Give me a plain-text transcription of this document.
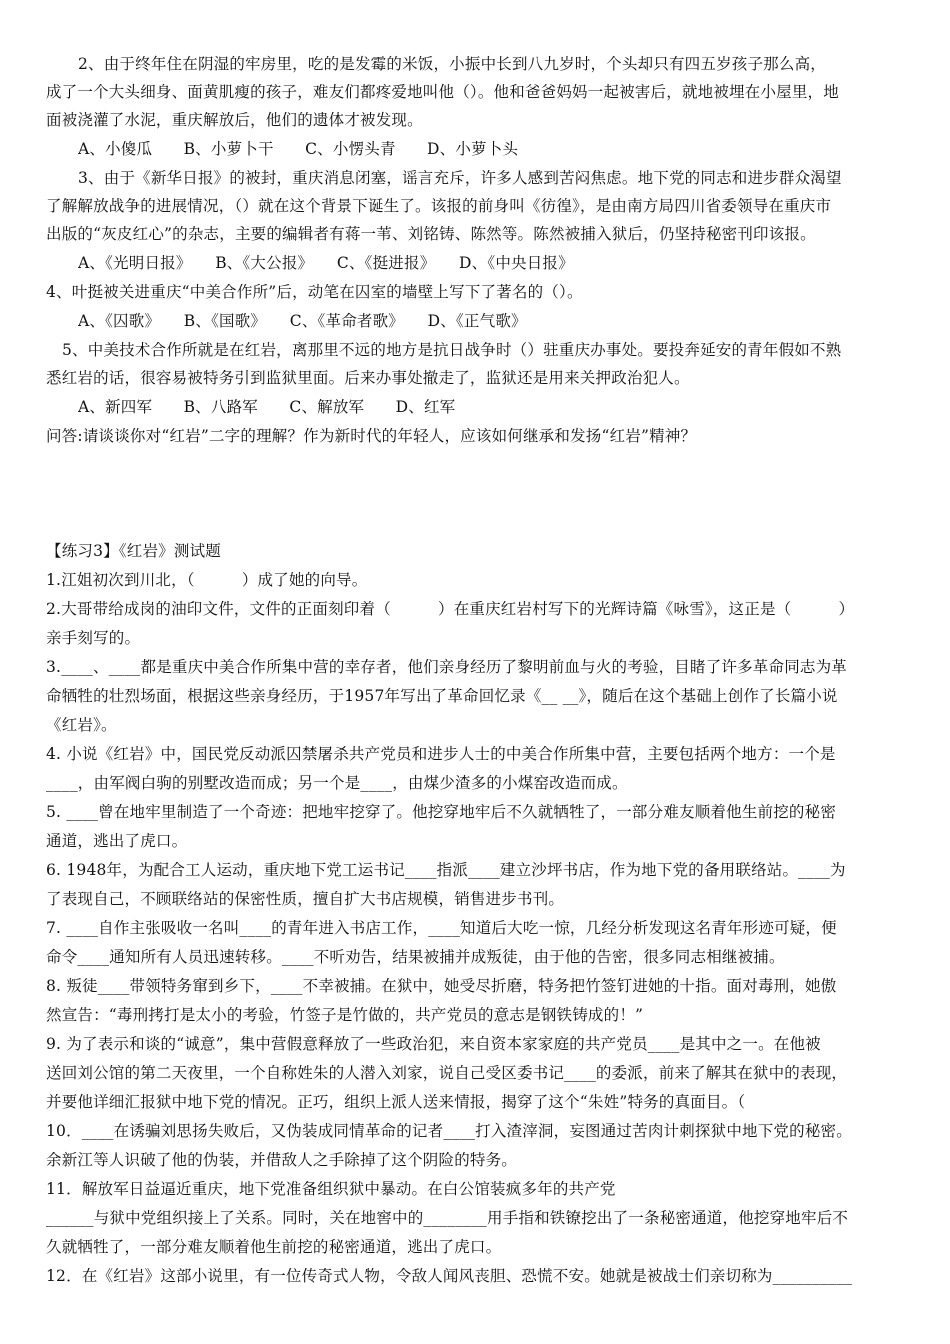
2、由于终年住在阴湿的牢房里，吃的是发霉的米饭，小振中长到八九岁时，个头却只有四五岁孩子那么高，
成了一个大头细身、面黄肌瘦的孩子，难友们都疼爱地叫他（）。他和爸爸妈妈一起被害后，就地被埋在小屋里，地
面被浇灌了水泥，重庆解放后，他们的遗体才被发现。
A、小傻瓜　　B、小萝卜干　　C、小愣头青　　D、小萝卜头
3、由于《新华日报》的被封，重庆消息闭塞，谣言充斥，许多人感到苦闷焦虑。地下党的同志和进步群众渴望
了解解放战争的进展情况，（）就在这个背景下诞生了。该报的前身叫《彷徨》，是由南方局四川省委领导在重庆市
出版的“灰皮红心”的杂志，主要的编辑者有蒋一苇、刘铭铸、陈然等。陈然被捕入狱后，仍坚持秘密刊印该报。
A、《光明日报》　　B、《大公报》　　C、《挺进报》　　D、《中央日报》
4、叶挺被关进重庆“中美合作所”后，动笔在囚室的墙壁上写下了著名的（）。
A、《囚歌》　　B、《国歌》　　C、《革命者歌》　　D、《正气歌》
5、中美技术合作所就是在红岩，离那里不远的地方是抗日战争时（）驻重庆办事处。要投奔延安的青年假如不熟
悉红岩的话，很容易被特务引到监狱里面。后来办事处撤走了，监狱还是用来关押政治犯人。
A、新四军　　B、八路军　　C、解放军　　D、红军
问答:请谈谈你对“红岩”二字的理解？作为新时代的年轻人，应该如何继承和发扬“红岩”精神？
【练习3】《红岩》测试题
1.江姐初次到川北，（　　　）成了她的向导。
2.大哥带给成岗的油印文件，文件的正面刻印着（　　　）在重庆红岩村写下的光辉诗篇《咏雪》，这正是（　　　）
亲手刻写的。
3.____、____都是重庆中美合作所集中营的幸存者，他们亲身经历了黎明前血与火的考验，目睹了许多革命同志为革
命牺牲的壮烈场面，根据这些亲身经历，于1957年写出了革命回忆录《__ __》，随后在这个基础上创作了长篇小说
《红岩》。
4. 小说《红岩》中，国民党反动派囚禁屠杀共产党员和进步人士的中美合作所集中营，主要包括两个地方：一个是
____，由军阀白驹的别墅改造而成；另一个是____，由煤少渣多的小煤窑改造而成。
5. ____曾在地牢里制造了一个奇迹：把地牢挖穿了。他挖穿地牢后不久就牺牲了，一部分难友顺着他生前挖的秘密
通道，逃出了虎口。
6. 1948年，为配合工人运动，重庆地下党工运书记____指派____建立沙坪书店，作为地下党的备用联络站。____为
了表现自己，不顾联络站的保密性质，擅自扩大书店规模，销售进步书刊。
7. ____自作主张吸收一名叫____的青年进入书店工作，____知道后大吃一惊，几经分析发现这名青年形迹可疑，便
命令____通知所有人员迅速转移。____不听劝告，结果被捕并成叛徒，由于他的告密，很多同志相继被捕。
8. 叛徒____带领特务窜到乡下，____不幸被捕。在狱中，她受尽折磨，特务把竹签钉进她的十指。面对毒刑，她傲
然宣告：“毒刑拷打是太小的考验，竹签子是竹做的，共产党员的意志是钢铁铸成的！”
9. 为了表示和谈的“诚意”，集中营假意释放了一些政治犯，来自资本家家庭的共产党员____是其中之一。在他被
送回刘公馆的第二天夜里，一个自称姓朱的人潜入刘家，说自己受区委书记____的委派，前来了解其在狱中的表现，
并要他详细汇报狱中地下党的情况。正巧，组织上派人送来情报，揭穿了这个“朱姓”特务的真面目。（
10．____在诱骗刘思扬失败后，又伪装成同情革命的记者____打入渣滓洞，妄图通过苦肉计刺探狱中地下党的秘密。
余新江等人识破了他的伪装，并借敌人之手除掉了这个阴险的特务。
11．解放军日益逼近重庆，地下党准备组织狱中暴动。在白公馆装疯多年的共产党
______与狱中党组织接上了关系。同时，关在地窖中的________用手指和铁镣挖出了一条秘密通道，他挖穿地牢后不
久就牺牲了，一部分难友顺着他生前挖的秘密通道，逃出了虎口。
12．在《红岩》这部小说里，有一位传奇式人物，令敌人闻风丧胆、恐慌不安。她就是被战士们亲切称为__________
